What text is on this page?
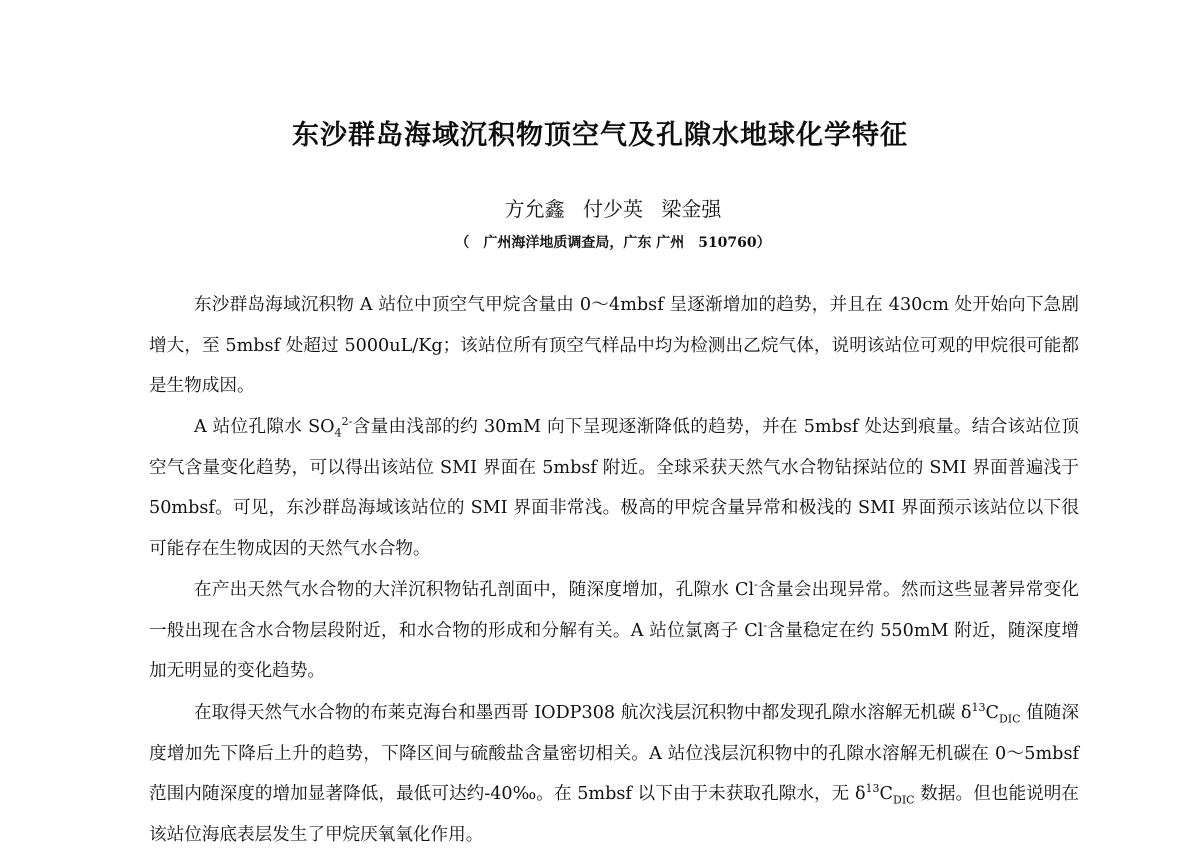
东沙群岛海域沉积物顶空气及孔隙水地球化学特征
方允鑫 付少英 梁金强
（　广州海洋地质调查局，广东 广州　510760）

东沙群岛海域沉积物 A 站位中顶空气甲烷含量由 0～4mbsf 呈逐渐增加的趋势，并且在 430cm 处开始向下急剧增大，至 5mbsf 处超过 5000uL/Kg；该站位所有顶空气样品中均为检测出乙烷气体，说明该站位可观的甲烷很可能都是生物成因。

A 站位孔隙水 $SO_4^{2-}$含量由浅部的约 30mM 向下呈现逐渐降低的趋势，并在 5mbsf 处达到痕量。结合该站位顶空气含量变化趋势，可以得出该站位 SMI 界面在 5mbsf 附近。全球采获天然气水合物钻探站位的 SMI 界面普遍浅于 50mbsf。可见，东沙群岛海域该站位的 SMI 界面非常浅。极高的甲烷含量异常和极浅的 SMI 界面预示该站位以下很可能存在生物成因的天然气水合物。

在产出天然气水合物的大洋沉积物钻孔剖面中，随深度增加，孔隙水 Cl-含量会出现异常。然而这些显著异常变化一般出现在含水合物层段附近，和水合物的形成和分解有关。A 站位氯离子 Cl-含量稳定在约 550mM 附近，随深度增加无明显的变化趋势。

在取得天然气水合物的布莱克海台和墨西哥 IODP308 航次浅层沉积物中都发现孔隙水溶解无机碳 $\delta^{13}C_{DIC}$ 值随深度增加先下降后上升的趋势，下降区间与硫酸盐含量密切相关。A 站位浅层沉积物中的孔隙水溶解无机碳在 0～5mbsf 范围内随深度的增加显著降低，最低可达约-40‰。在 5mbsf 以下由于未获取孔隙水，无 $\delta^{13}C_{DIC}$ 数据。但也能说明在该站位海底表层发生了甲烷厌氧氧化作用。
